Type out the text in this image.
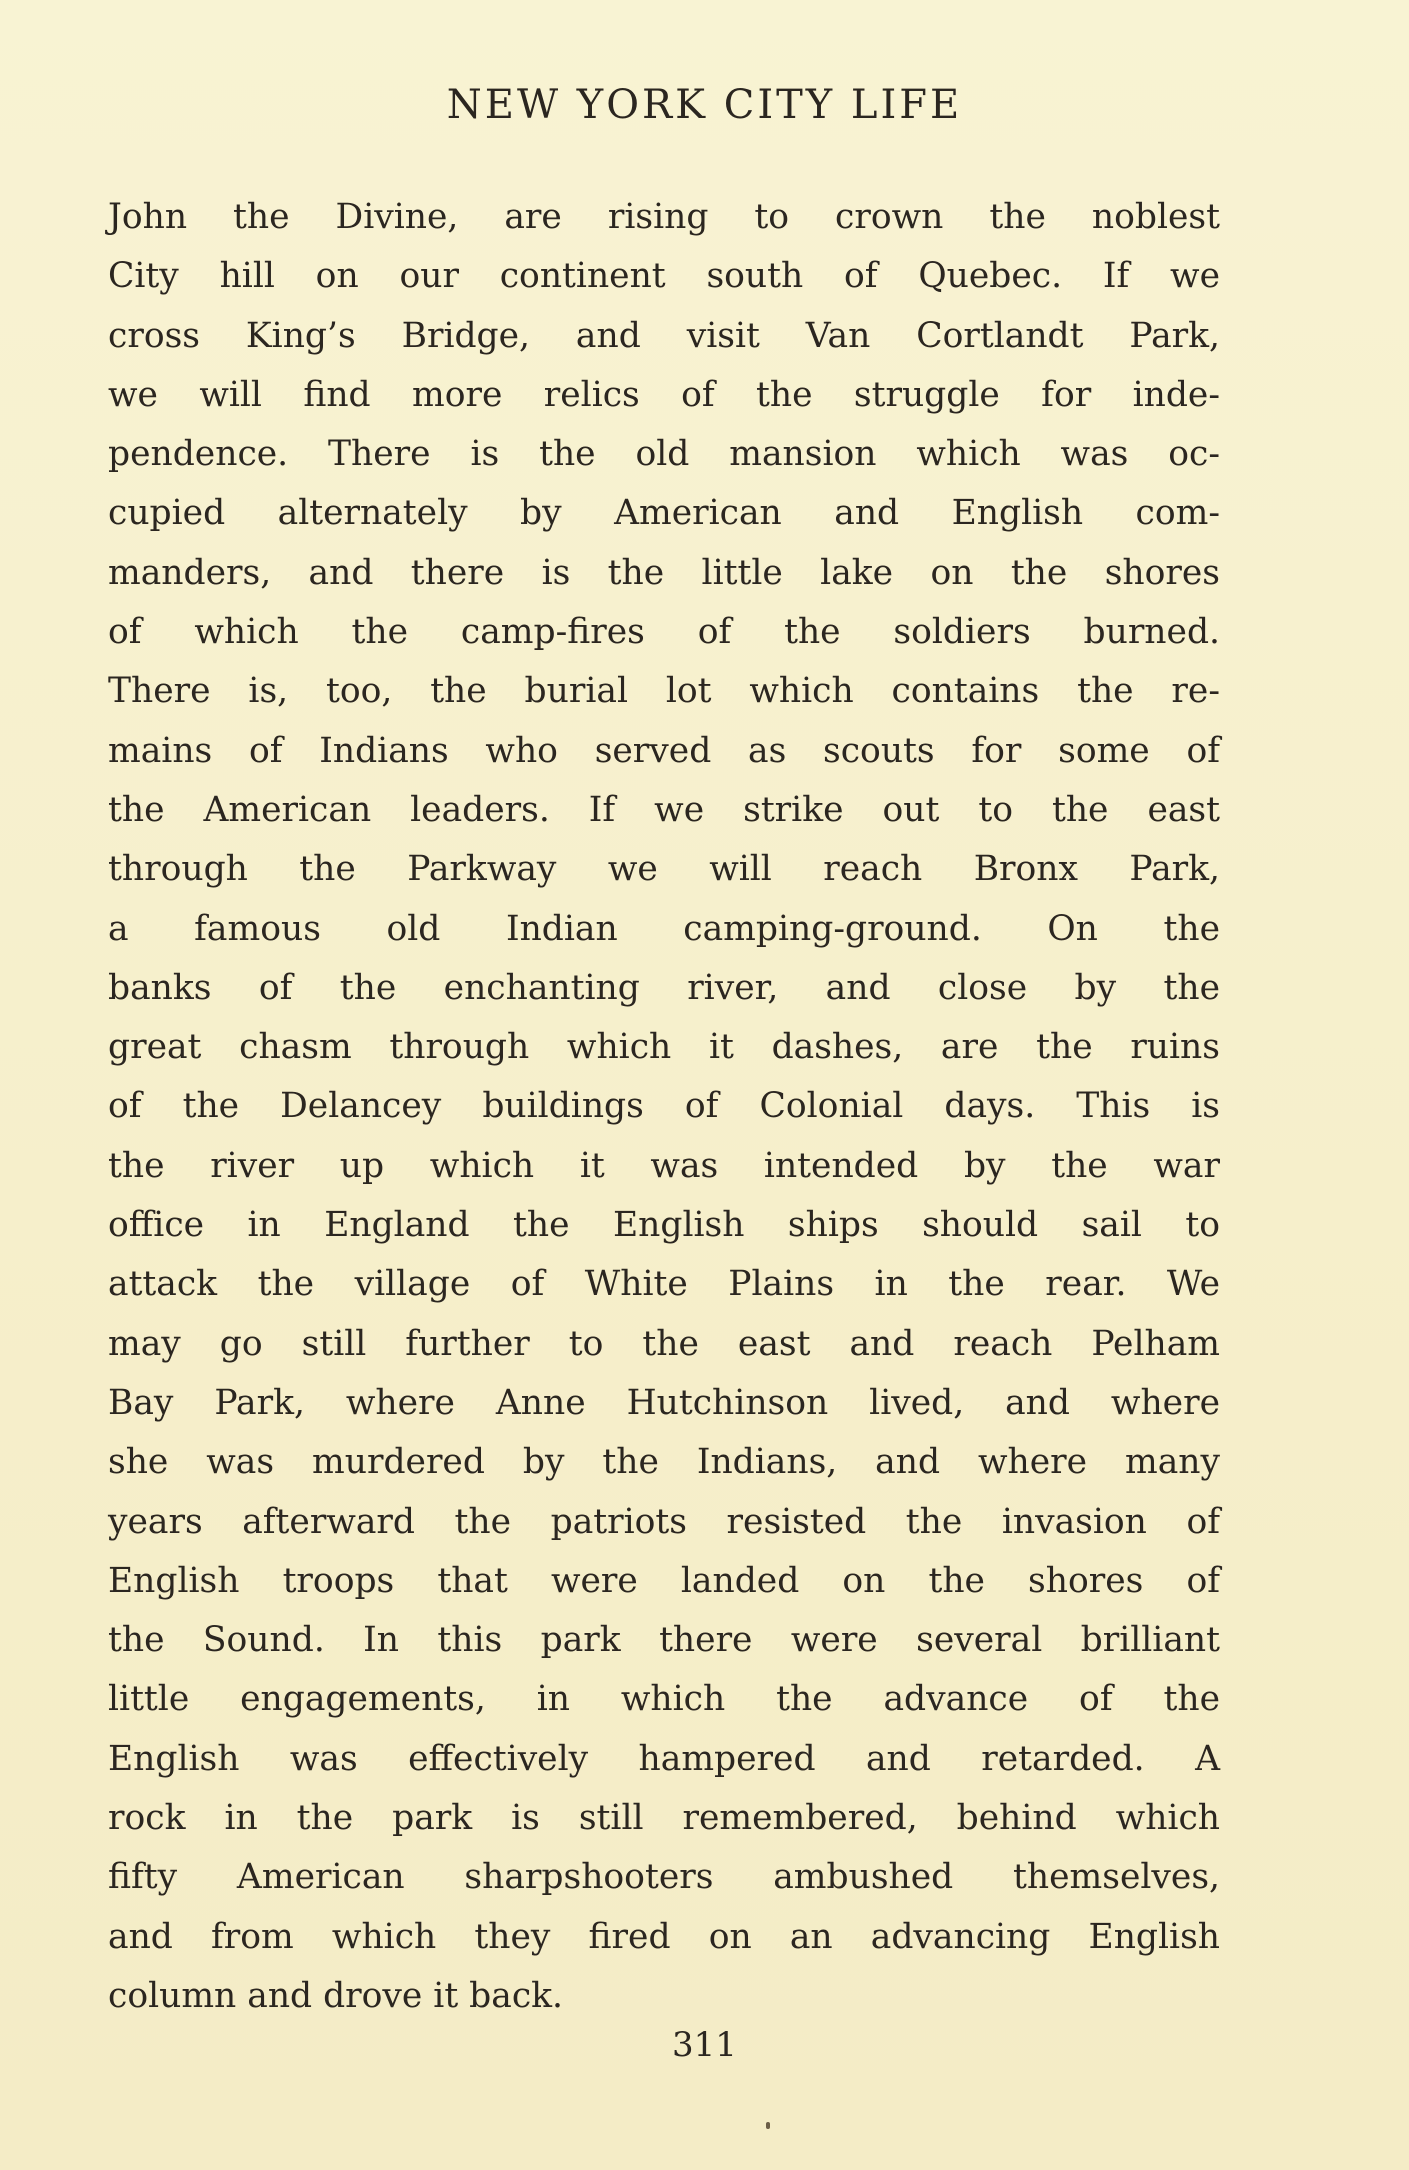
NEW YORK CITY LIFE
John the Divine, are rising to crown the noblest
City hill on our continent south of Quebec. If we
cross King’s Bridge, and visit Van Cortlandt Park,
we will find more relics of the struggle for inde-
pendence. There is the old mansion which was oc-
cupied alternately by American and English com-
manders, and there is the little lake on the shores
of which the camp-fires of the soldiers burned.
There is, too, the burial lot which contains the re-
mains of Indians who served as scouts for some of
the American leaders. If we strike out to the east
through the Parkway we will reach Bronx Park,
a famous old Indian camping-ground. On the
banks of the enchanting river, and close by the
great chasm through which it dashes, are the ruins
of the Delancey buildings of Colonial days. This is
the river up which it was intended by the war
office in England the English ships should sail to
attack the village of White Plains in the rear. We
may go still further to the east and reach Pelham
Bay Park, where Anne Hutchinson lived, and where
she was murdered by the Indians, and where many
years afterward the patriots resisted the invasion of
English troops that were landed on the shores of
the Sound. In this park there were several brilliant
little engagements, in which the advance of the
English was effectively hampered and retarded. A
rock in the park is still remembered, behind which
fifty American sharpshooters ambushed themselves,
and from which they fired on an advancing English
column and drove it back.
311
